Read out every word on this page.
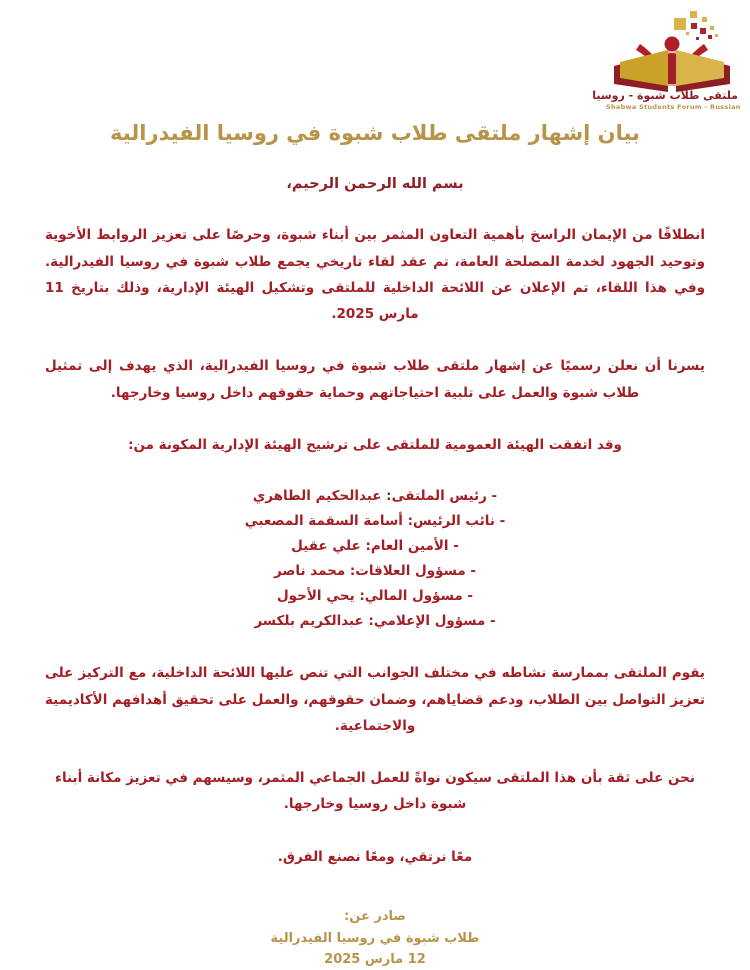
ملتقى طلاب شبوة - روسيا
Shabwa Students Forum - Russian
بيان إشهار ملتقى طلاب شبوة في روسيا الفيدرالية
بسم الله الرحمن الرحيم،

انطلاقًا من الإيمان الراسخ بأهمية التعاون المثمر بين أبناء شبوة، وحرصًا على تعزيز الروابط الأخوية وتوحيد الجهود لخدمة المصلحة العامة، تم عقد لقاء تاريخي يجمع طلاب شبوة في روسيا الفيدرالية. وفي هذا اللقاء، تم الإعلان عن اللائحة الداخلية للملتقى وتشكيل الهيئة الإدارية، وذلك بتاريخ 11 مارس 2025.

يسرنا أن نعلن رسميًا عن إشهار ملتقى طلاب شبوة في روسيا الفيدرالية، الذي يهدف إلى تمثيل طلاب شبوة والعمل على تلبية احتياجاتهم وحماية حقوقهم داخل روسيا وخارجها.

وقد اتفقت الهيئة العمومية للملتقى على ترشيح الهيئة الإدارية المكونة من:

- رئيس الملتقى: عبدالحكيم الطاهري
- نائب الرئيس: أسامة السقمة المصعبي
- الأمين العام: علي عقيل
- مسؤول العلاقات: محمد ناصر
- مسؤول المالي: يحي الأحول
- مسؤول الإعلامي: عبدالكريم بلكسر

يقوم الملتقى بممارسة نشاطه في مختلف الجوانب التي تنص عليها اللائحة الداخلية، مع التركيز على تعزيز التواصل بين الطلاب، ودعم قضاياهم، وضمان حقوقهم، والعمل على تحقيق أهدافهم الأكاديمية والاجتماعية.

نحن على ثقة بأن هذا الملتقى سيكون نواةً للعمل الجماعي المثمر، وسيسهم في تعزيز مكانة أبناء شبوة داخل روسيا وخارجها.

معًا نرتقي، ومعًا نصنع الفرق.

صادر عن:
طلاب شبوة في روسيا الفيدرالية
12 مارس 2025
